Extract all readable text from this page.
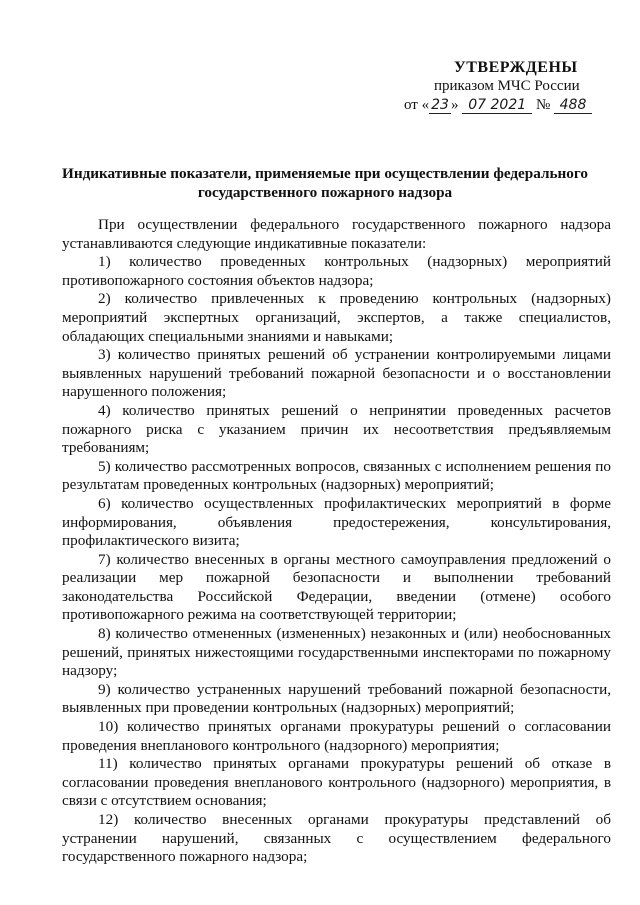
УТВЕРЖДЕНЫ
приказом МЧС России
от « 23 » 07 2021 № 488
Индикативные показатели, применяемые при осуществлении федерального государственного пожарного надзора

При осуществлении федерального государственного пожарного надзора устанавливаются следующие индикативные показатели:

1) количество проведенных контрольных (надзорных) мероприятий противопожарного состояния объектов надзора;

2) количество привлеченных к проведению контрольных (надзорных) мероприятий экспертных организаций, экспертов, а также специалистов, обладающих специальными знаниями и навыками;

3) количество принятых решений об устранении контролируемыми лицами выявленных нарушений требований пожарной безопасности и о восстановлении нарушенного положения;

4) количество принятых решений о непринятии проведенных расчетов пожарного риска с указанием причин их несоответствия предъявляемым требованиям;

5) количество рассмотренных вопросов, связанных с исполнением решения по результатам проведенных контрольных (надзорных) мероприятий;

6) количество осуществленных профилактических мероприятий в форме информирования, объявления предостережения, консультирования, профилактического визита;

7) количество внесенных в органы местного самоуправления предложений о реализации мер пожарной безопасности и выполнении требований законодательства Российской Федерации, введении (отмене) особого противопожарного режима на соответствующей территории;

8) количество отмененных (измененных) незаконных и (или) необоснованных решений, принятых нижестоящими государственными инспекторами по пожарному надзору;

9) количество устраненных нарушений требований пожарной безопасности, выявленных при проведении контрольных (надзорных) мероприятий;

10) количество принятых органами прокуратуры решений о согласовании проведения внепланового контрольного (надзорного) мероприятия;

11) количество принятых органами прокуратуры решений об отказе в согласовании проведения внепланового контрольного (надзорного) мероприятия, в связи с отсутствием основания;

12) количество внесенных органами прокуратуры представлений об устранении нарушений, связанных с осуществлением федерального государственного пожарного надзора;
